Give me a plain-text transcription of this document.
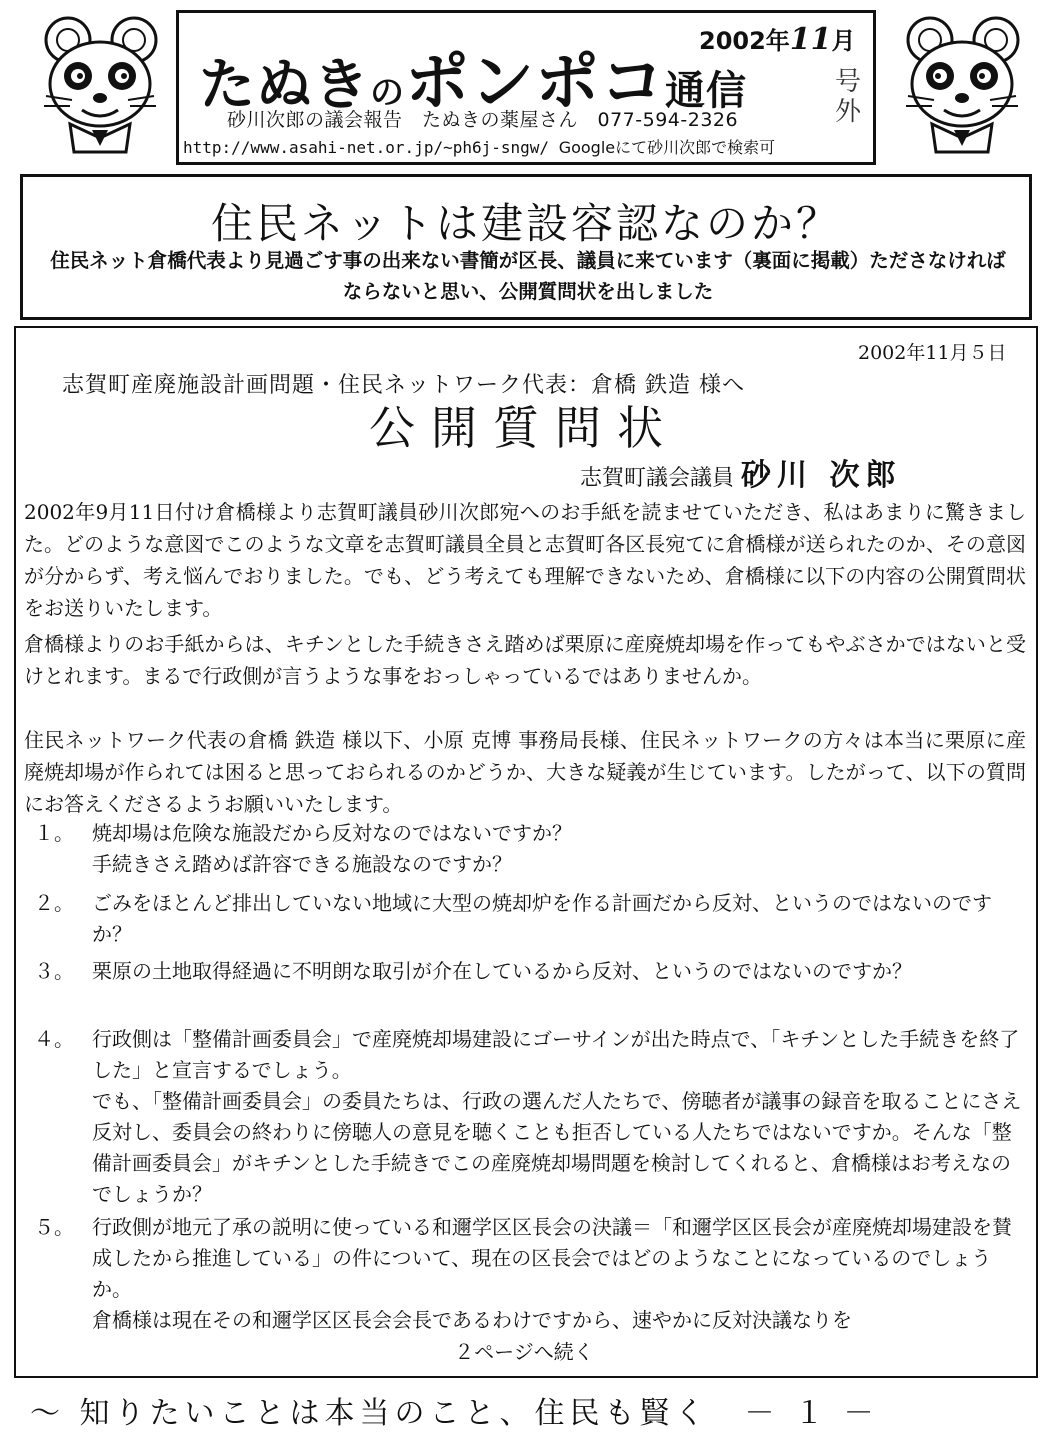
2002年11月
たぬきのポンポコ通信	号外
砂川次郎の議会報告　たぬきの薬屋さん　077-594-2326
http://www.asahi-net.or.jp/~ph6j-sngw/ Googleにて砂川次郎で検索可
住民ネットは建設容認なのか？
住民ネット倉橋代表より見過ごす事の出来ない書簡が区長、議員に来ています（裏面に掲載）たださなければならないと思い、公開質問状を出しました
2002年11月５日
志賀町産廃施設計画問題・住民ネットワーク代表：倉橋 鉄造 様へ
公開質問状
志賀町議会議員 砂川 次郎
2002年9月11日付け倉橋様より志賀町議員砂川次郎宛へのお手紙を読ませていただき、私はあまりに驚きました。どのような意図でこのような文章を志賀町議員全員と志賀町各区長宛てに倉橋様が送られたのか、その意図が分からず、考え悩んでおりました。でも、どう考えても理解できないため、倉橋様に以下の内容の公開質問状をお送りいたします。
倉橋様よりのお手紙からは、キチンとした手続きさえ踏めば栗原に産廃焼却場を作ってもやぶさかではないと受けとれます。まるで行政側が言うような事をおっしゃっているではありませんか。
住民ネットワーク代表の倉橋 鉄造 様以下、小原 克博 事務局長様、住民ネットワークの方々は本当に栗原に産廃焼却場が作られては困ると思っておられるのかどうか、大きな疑義が生じています。したがって、以下の質問にお答えくださるようお願いいたします。
１。 焼却場は危険な施設だから反対なのではないですか？
手続きさえ踏めば許容できる施設なのですか？
２。 ごみをほとんど排出していない地域に大型の焼却炉を作る計画だから反対、というのではないのですか？
３。 栗原の土地取得経過に不明朗な取引が介在しているから反対、というのではないのですか？
４。 行政側は「整備計画委員会」で産廃焼却場建設にゴーサインが出た時点で、「キチンとした手続きを終了した」と宣言するでしょう。
でも、「整備計画委員会」の委員たちは、行政の選んだ人たちで、傍聴者が議事の録音を取ることにさえ反対し、委員会の終わりに傍聴人の意見を聴くことも拒否している人たちではないですか。そんな「整備計画委員会」がキチンとした手続きでこの産廃焼却場問題を検討してくれると、倉橋様はお考えなのでしょうか？
５。 行政側が地元了承の説明に使っている和邇学区区長会の決議＝「和邇学区区長会が産廃焼却場建設を賛成したから推進している」の件について、現在の区長会ではどのようなことになっているのでしょうか。
倉橋様は現在その和邇学区区長会会長であるわけですから、速やかに反対決議なりを
２ページへ続く
～ 知りたいことは本当のこと、住民も賢く　 － １ －
